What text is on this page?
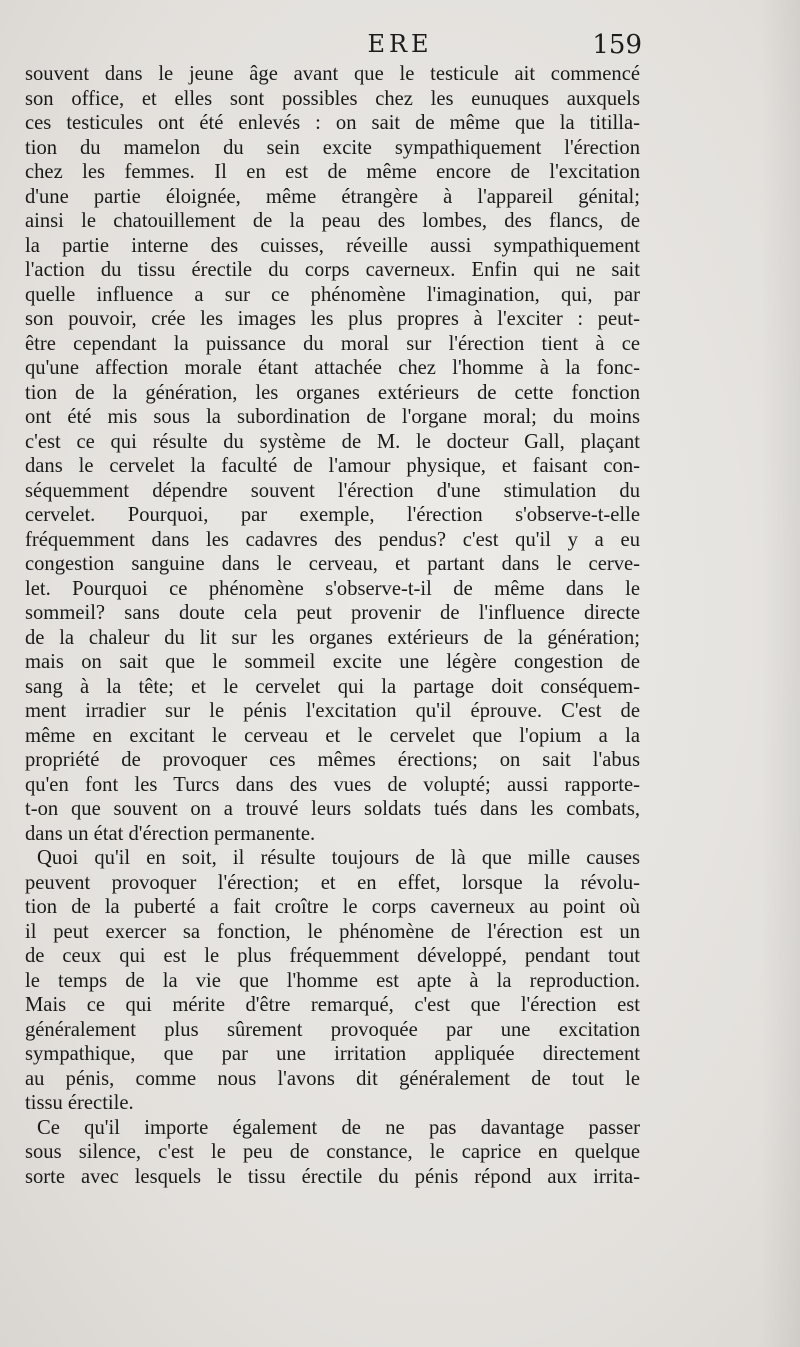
ERE	159
souvent dans le jeune âge avant que le testicule ait commencé
son office, et elles sont possibles chez les eunuques auxquels
ces testicules ont été enlevés : on sait de même que la titilla-
tion du mamelon du sein excite sympathiquement l'érection
chez les femmes. Il en est de même encore de l'excitation
d'une partie éloignée, même étrangère à l'appareil génital;
ainsi le chatouillement de la peau des lombes, des flancs, de
la partie interne des cuisses, réveille aussi sympathiquement
l'action du tissu érectile du corps caverneux. Enfin qui ne sait
quelle influence a sur ce phénomène l'imagination, qui, par
son pouvoir, crée les images les plus propres à l'exciter : peut-
être cependant la puissance du moral sur l'érection tient à ce
qu'une affection morale étant attachée chez l'homme à la fonc-
tion de la génération, les organes extérieurs de cette fonction
ont été mis sous la subordination de l'organe moral; du moins
c'est ce qui résulte du système de M. le docteur Gall, plaçant
dans le cervelet la faculté de l'amour physique, et faisant con-
séquemment dépendre souvent l'érection d'une stimulation du
cervelet. Pourquoi, par exemple, l'érection s'observe-t-elle
fréquemment dans les cadavres des pendus? c'est qu'il y a eu
congestion sanguine dans le cerveau, et partant dans le cerve-
let. Pourquoi ce phénomène s'observe-t-il de même dans le
sommeil? sans doute cela peut provenir de l'influence directe
de la chaleur du lit sur les organes extérieurs de la génération;
mais on sait que le sommeil excite une légère congestion de
sang à la tête; et le cervelet qui la partage doit conséquem-
ment irradier sur le pénis l'excitation qu'il éprouve. C'est de
même en excitant le cerveau et le cervelet que l'opium a la
propriété de provoquer ces mêmes érections; on sait l'abus
qu'en font les Turcs dans des vues de volupté; aussi rapporte-
t-on que souvent on a trouvé leurs soldats tués dans les combats,
dans un état d'érection permanente.
Quoi qu'il en soit, il résulte toujours de là que mille causes
peuvent provoquer l'érection; et en effet, lorsque la révolu-
tion de la puberté a fait croître le corps caverneux au point où
il peut exercer sa fonction, le phénomène de l'érection est un
de ceux qui est le plus fréquemment développé, pendant tout
le temps de la vie que l'homme est apte à la reproduction.
Mais ce qui mérite d'être remarqué, c'est que l'érection est
généralement plus sûrement provoquée par une excitation
sympathique, que par une irritation appliquée directement
au pénis, comme nous l'avons dit généralement de tout le
tissu érectile.
Ce qu'il importe également de ne pas davantage passer
sous silence, c'est le peu de constance, le caprice en quelque
sorte avec lesquels le tissu érectile du pénis répond aux irrita-
